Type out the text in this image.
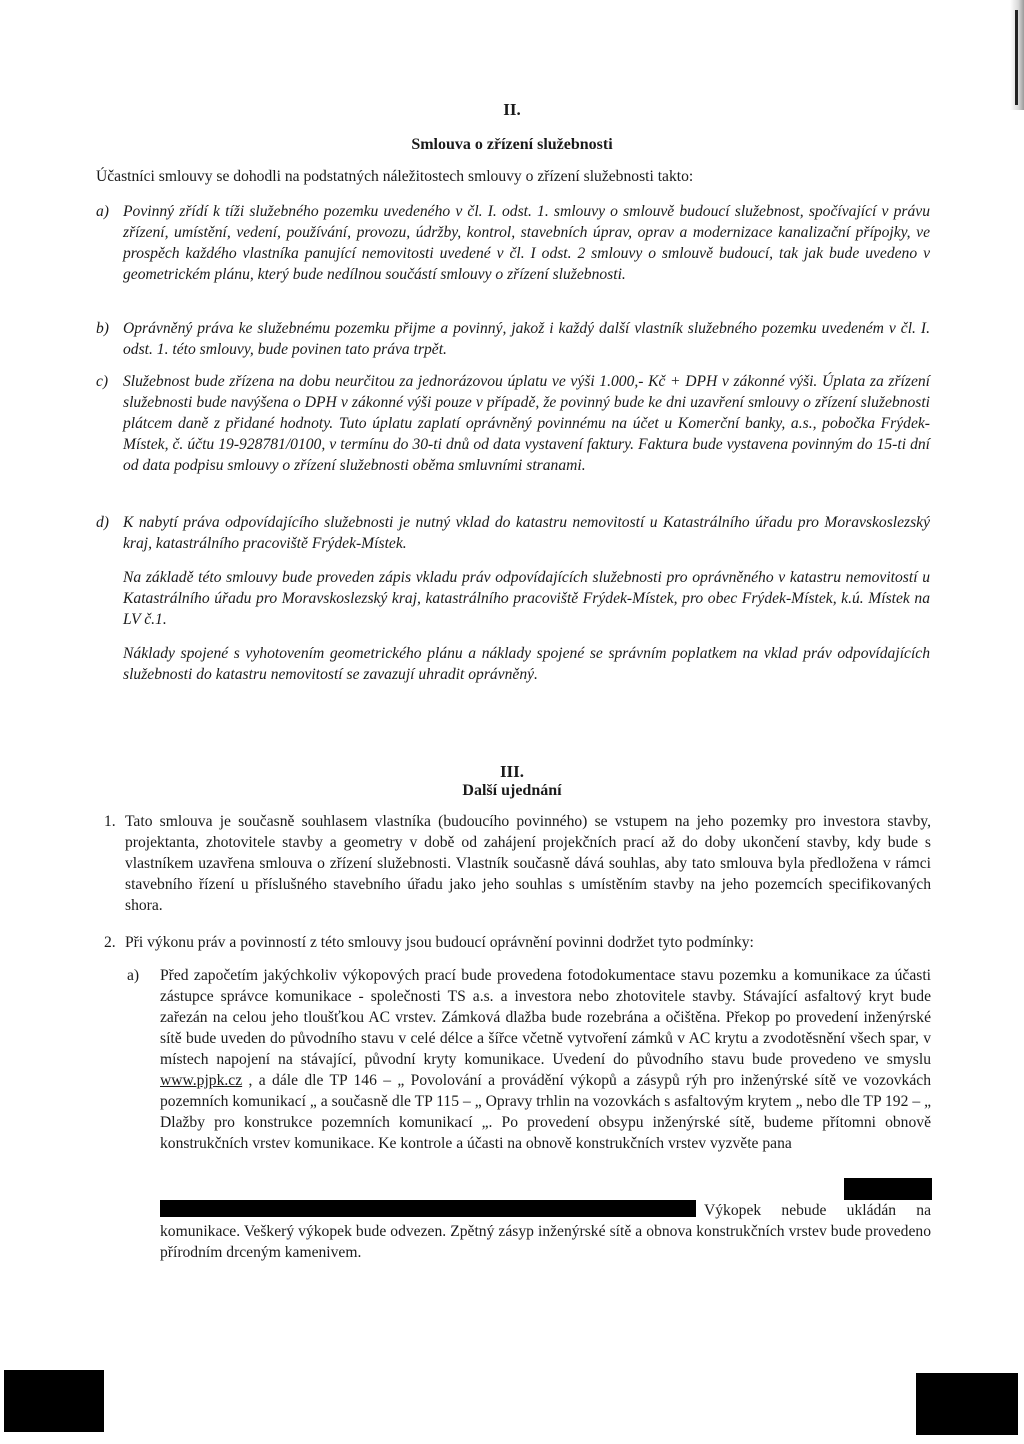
II.
Smlouva o zřízení služebnosti
Účastníci smlouvy se dohodli na podstatných náležitostech smlouvy o zřízení služebnosti takto:
a) Povinný zřídí k tíži služebného pozemku uvedeného v čl. I. odst. 1. smlouvy o smlouvě budoucí služebnost, spočívající v právu zřízení, umístění, vedení, používání, provozu, údržby, kontrol, stavebních úprav, oprav a modernizace kanalizační přípojky, ve prospěch každého vlastníka panující nemovitosti uvedené v čl. I odst. 2 smlouvy o smlouvě budoucí, tak jak bude uvedeno v geometrickém plánu, který bude nedílnou součástí smlouvy o zřízení služebnosti.
b) Oprávněný práva ke služebnému pozemku přijme a povinný, jakož i každý další vlastník služebného pozemku uvedeném v čl. I. odst. 1. této smlouvy, bude povinen tato práva trpět.
c) Služebnost bude zřízena na dobu neurčitou za jednorázovou úplatu ve výši 1.000,- Kč + DPH v zákonné výši. Úplata za zřízení služebnosti bude navýšena o DPH v zákonné výši pouze v případě, že povinný bude ke dni uzavření smlouvy o zřízení služebnosti plátcem daně z přidané hodnoty. Tuto úplatu zaplatí oprávněný povinnému na účet u Komerční banky, a.s., pobočka Frýdek-Místek, č. účtu 19-928781/0100, v termínu do 30-ti dnů od data vystavení faktury. Faktura bude vystavena povinným do 15-ti dní od data podpisu smlouvy o zřízení služebnosti oběma smluvními stranami.
d) K nabytí práva odpovídajícího služebnosti je nutný vklad do katastru nemovitostí u Katastrálního úřadu pro Moravskoslezský kraj, katastrálního pracoviště Frýdek-Místek.
Na základě této smlouvy bude proveden zápis vkladu práv odpovídajících služebnosti pro oprávněného v katastru nemovitostí u Katastrálního úřadu pro Moravskoslezský kraj, katastrálního pracoviště Frýdek-Místek, pro obec Frýdek-Místek, k.ú. Místek na LV č.1.
Náklady spojené s vyhotovením geometrického plánu a náklady spojené se správním poplatkem na vklad práv odpovídajících služebnosti do katastru nemovitostí se zavazují uhradit oprávněný.
III.
Další ujednání
1. Tato smlouva je současně souhlasem vlastníka (budoucího povinného) se vstupem na jeho pozemky pro investora stavby, projektanta, zhotovitele stavby a geometry v době od zahájení projekčních prací až do doby ukončení stavby, kdy bude s vlastníkem uzavřena smlouva o zřízení služebnosti. Vlastník současně dává souhlas, aby tato smlouva byla předložena v rámci stavebního řízení u příslušného stavebního úřadu jako jeho souhlas s umístěním stavby na jeho pozemcích specifikovaných shora.
2. Při výkonu práv a povinností z této smlouvy jsou budoucí oprávnění povinni dodržet tyto podmínky:
a) Před započetím jakýchkoliv výkopových prací bude provedena fotodokumentace stavu pozemku a komunikace za účasti zástupce správce komunikace - společnosti TS a.s. a investora nebo zhotovitele stavby. Stávající asfaltový kryt bude zařezán na celou jeho tloušťkou AC vrstev. Zámková dlažba bude rozebrána a očištěna. Překop po provedení inženýrské sítě bude uveden do původního stavu v celé délce a šířce včetně vytvoření zámků v AC krytu a zvodotěsnění všech spar, v místech napojení na stávající, původní kryty komunikace. Uvedení do původního stavu bude provedeno ve smyslu www.pjpk.cz , a dále dle TP 146 – „ Povolování a provádění výkopů a zásypů rýh pro inženýrské sítě ve vozovkách pozemních komunikací „ a současně dle TP 115 – „ Opravy trhlin na vozovkách s asfaltovým krytem „ nebo dle TP 192 – „ Dlažby pro konstrukce pozemních komunikací „. Po provedení obsypu inženýrské sítě, budeme přítomni obnově konstrukčních vrstev komunikace. Ke kontrole a účasti na obnově konstrukčních vrstev vyzvěte pana
Výkopek nebude ukládán na komunikace. Veškerý výkopek bude odvezen. Zpětný zásyp inženýrské sítě a obnova konstrukčních vrstev bude provedeno přírodním drceným kamenivem.
